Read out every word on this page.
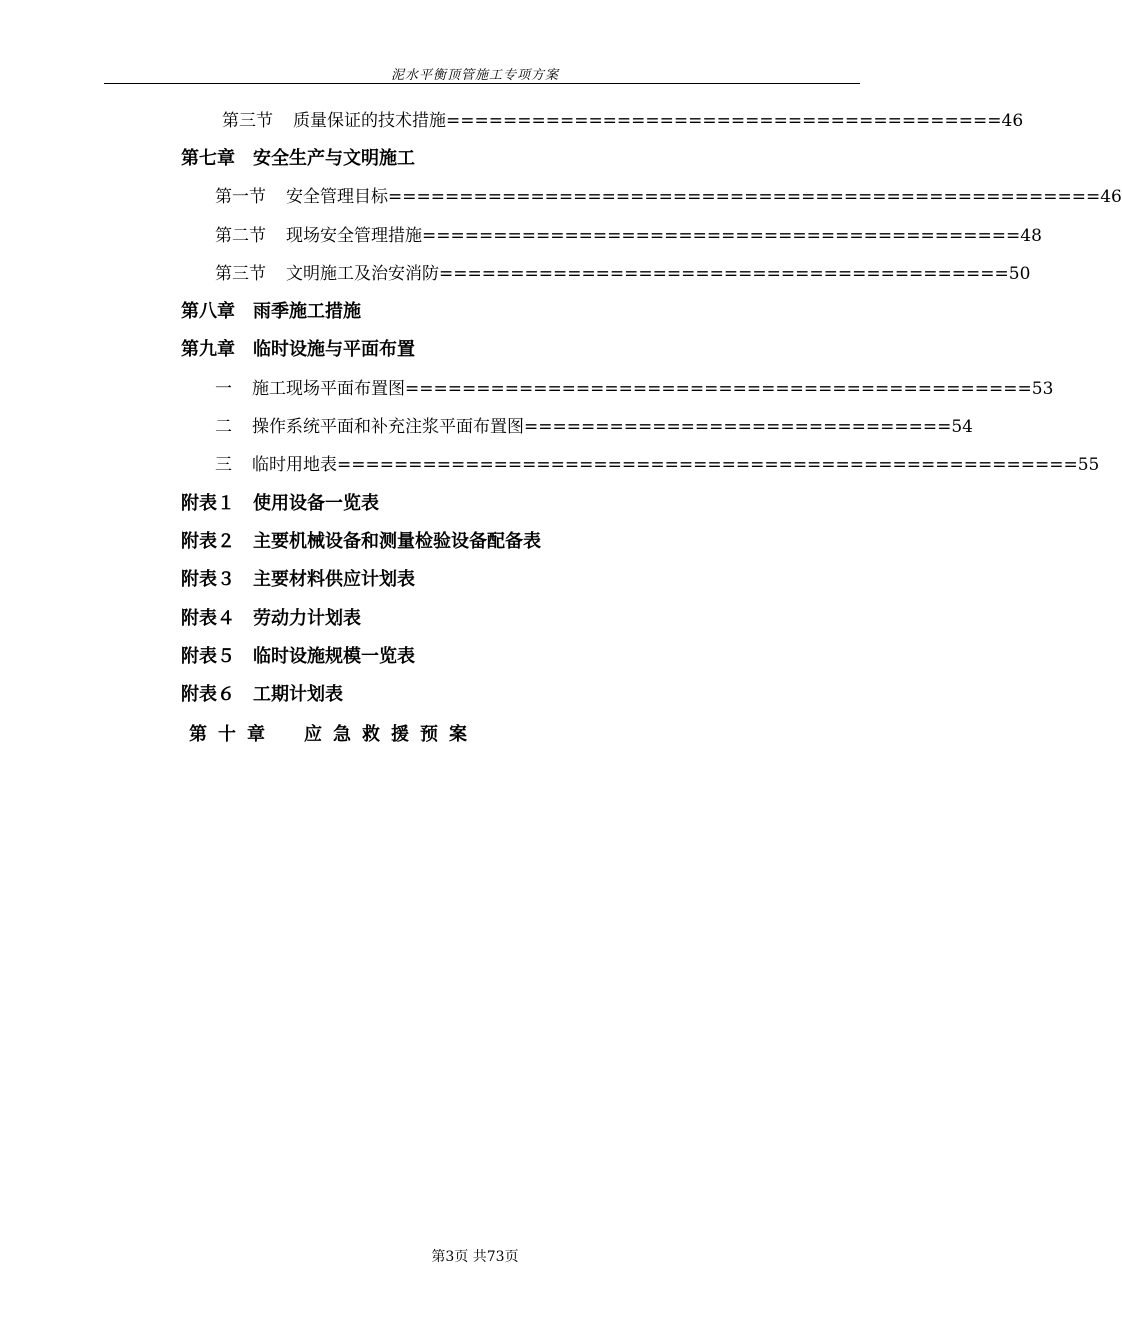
泥水平衡顶管施工专项方案
第三节	质量保证的技术措施 ======================================= 46
第七章 安全生产与文明施工
第一节	安全管理目标 ================================================== 46
第二节	现场安全管理措施 ========================================== 48
第三节	文明施工及治安消防 ======================================== 50
第八章 雨季施工措施
第九章 临时设施与平面布置
一	施工现场平面布置图 ============================================ 53
二	操作系统平面和补充注浆平面布置图 ============================== 54
三	临时用地表 ==================================================== 55
附表１ 使用设备一览表
附表２ 主要机械设备和测量检验设备配备表
附表３ 主要材料供应计划表
附表４ 劳动力计划表
附表５ 临时设施规模一览表
附表６ 工期计划表
第十章 应急救援预案
第3页 共73页
